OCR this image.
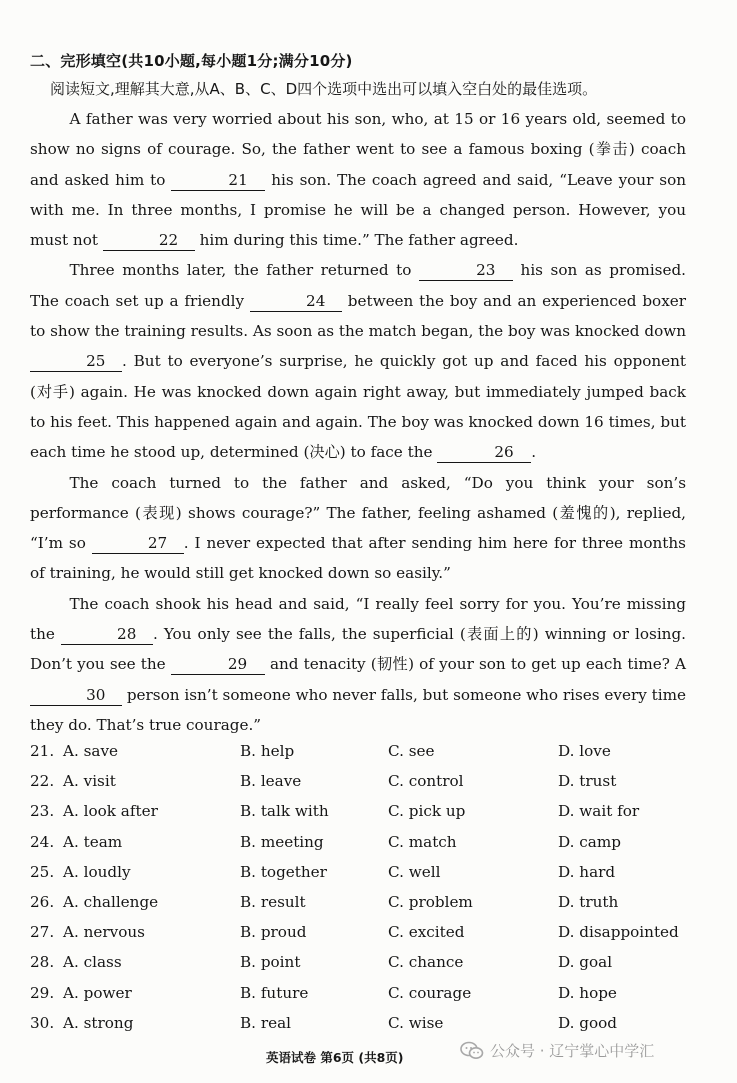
二、完形填空(共10小题,每小题1分;满分10分)
阅读短文,理解其大意,从A、B、C、D四个选项中选出可以填入空白处的最佳选项。

A father was very worried about his son, who, at 15 or 16 years old, seemed to show no signs of courage. So, the father went to see a famous boxing (拳击) coach and asked him to	21 his son. The coach agreed and said, “Leave your son with me. In three months, I promise he will be a changed person. However, you must not	22 him during this time.” The father agreed.

Three months later, the father returned to	23 his son as promised. The coach set up a friendly	24 between the boy and an experienced boxer to show the training results. As soon as the match began, the boy was knocked down 25 . But to everyone’s surprise, he quickly got up and faced his opponent (对手) again. He was knocked down again right away, but immediately jumped back to his feet. This happened again and again. The boy was knocked down 16 times, but each time he stood up, determined (决心) to face the	26 .

The coach turned to the father and asked, “Do you think your son’s performance (表现) shows courage?” The father, feeling ashamed (羞愧的), replied, “I’m so	27 . I never expected that after sending him here for three months of training, he would still get knocked down so easily.”

The coach shook his head and said, “I really feel sorry for you. You’re missing the	28 . You only see the falls, the superficial (表面上的) winning or losing. Don’t you see the	29 and tenacity (韧性) of your son to get up each time? A 30 person isn’t someone who never falls, but someone who rises every time they do. That’s true courage.”

21. A. save	B. help	C. see	D. love
22. A. visit	B. leave	C. control	D. trust
23. A. look after	B. talk with	C. pick up	D. wait for
24. A. team	B. meeting	C. match	D. camp
25. A. loudly	B. together	C. well	D. hard
26. A. challenge	B. result	C. problem	D. truth
27. A. nervous	B. proud	C. excited	D. disappointed
28. A. class	B. point	C. chance	D. goal
29. A. power	B. future	C. courage	D. hope
30. A. strong	B. real	C. wise	D. good
英语试卷 第6页 (共8页)	公众号 · 辽宁掌心中学汇
